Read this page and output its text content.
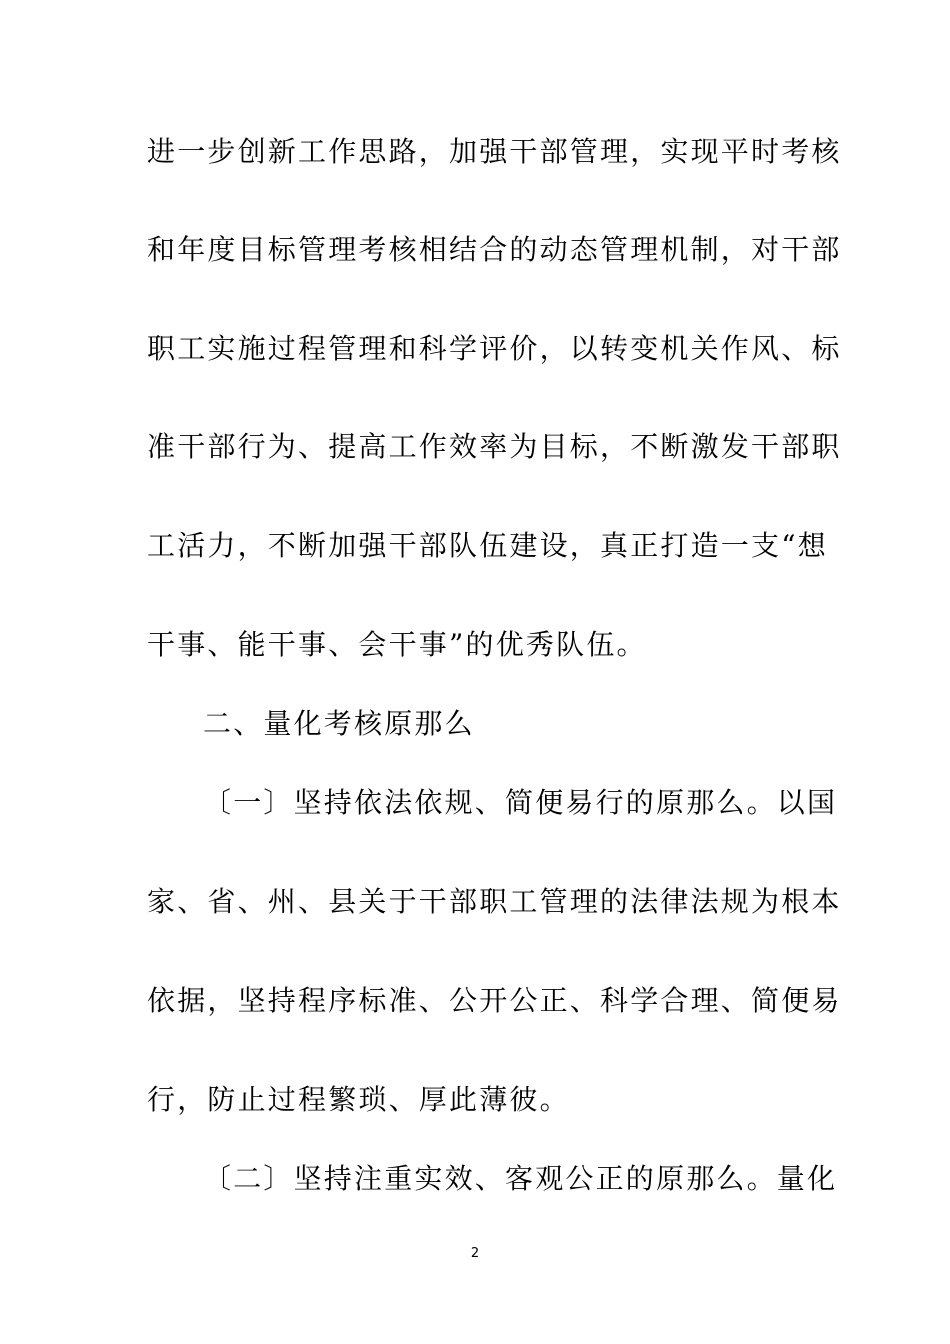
进一步创新工作思路，加强干部管理，实现平时考核
和年度目标管理考核相结合的动态管理机制，对干部
职工实施过程管理和科学评价，以转变机关作风、标
准干部行为、提高工作效率为目标，不断激发干部职
工活力，不断加强干部队伍建设，真正打造一支“想
干事、能干事、会干事”的优秀队伍。
二、量化考核原那么
〔一〕坚持依法依规、简便易行的原那么。以国
家、省、州、县关于干部职工管理的法律法规为根本
依据，坚持程序标准、公开公正、科学合理、简便易
行，防止过程繁琐、厚此薄彼。
〔二〕坚持注重实效、客观公正的原那么。量化
2
